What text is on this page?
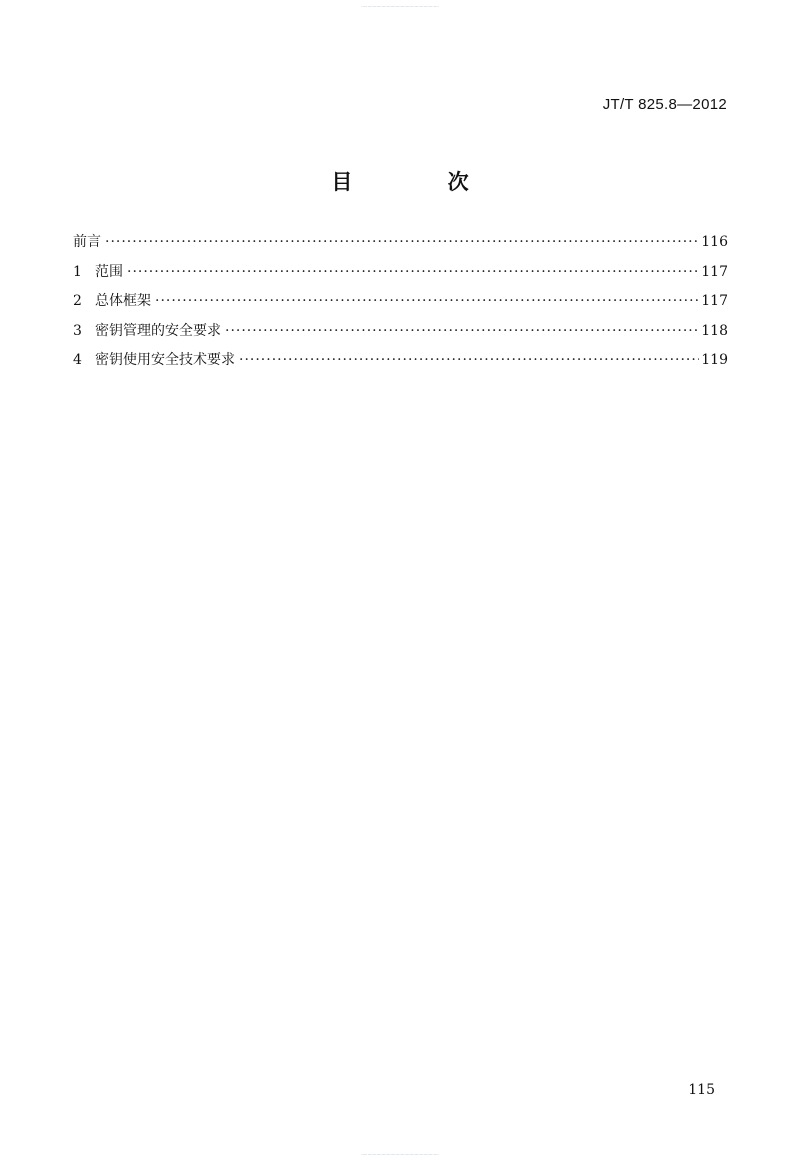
·····························································
JT/T 825.8—2012
目 次
前言 ·····	116
1 范围 ·····	117
2 总体框架 ·····	117
3 密钥管理的安全要求 ·····	118
4 密钥使用安全技术要求 ·····	119
115
·····························································
